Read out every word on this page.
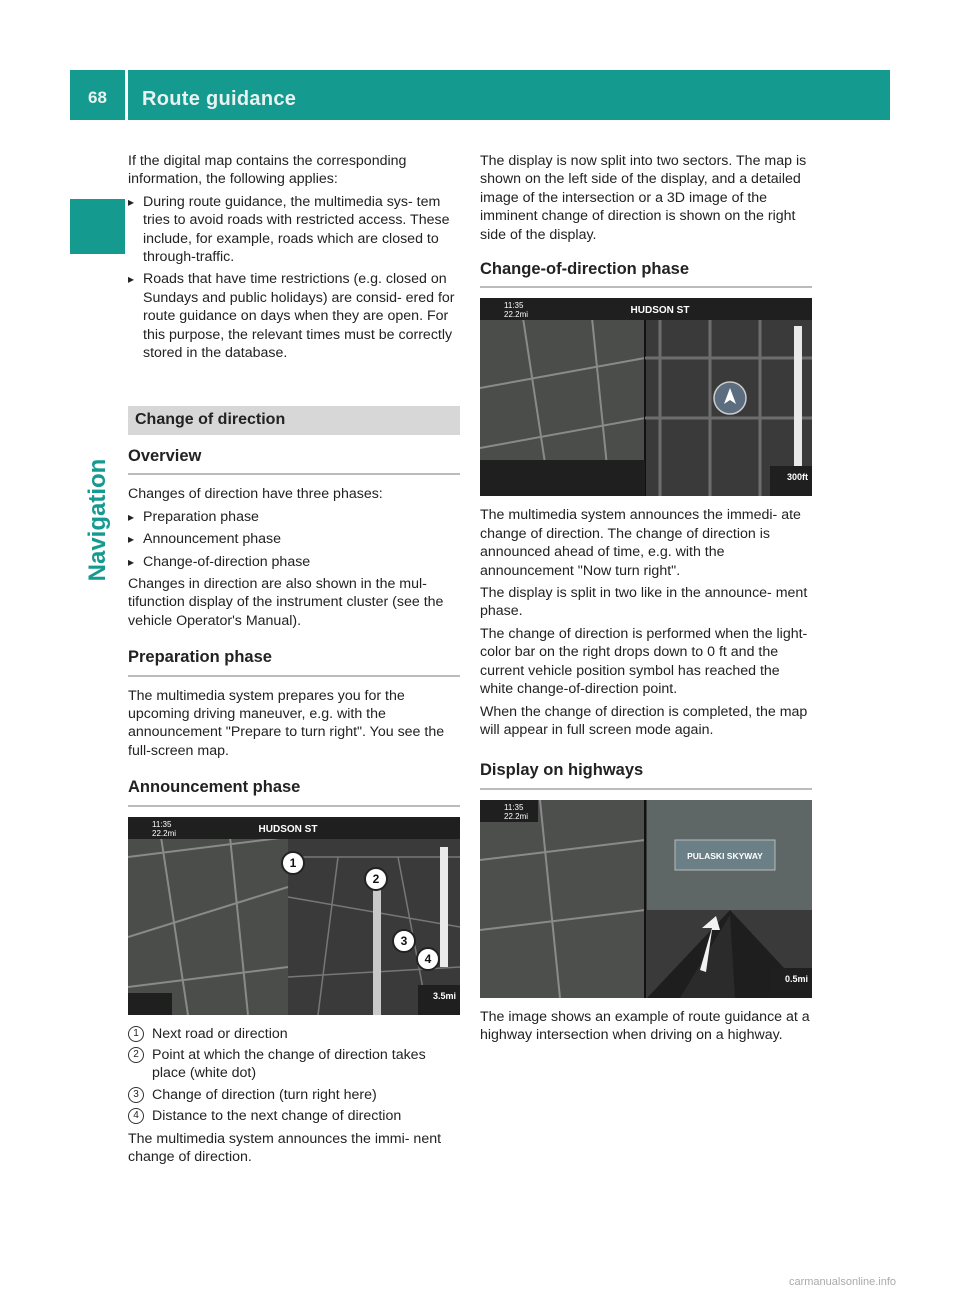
68	Route guidance
Navigation

If the digital map contains the corresponding information, the following applies:

▸ During route guidance, the multimedia sys- tem tries to avoid roads with restricted access. These include, for example, roads which are closed to through-traffic.
▸ Roads that have time restrictions (e.g. closed on Sundays and public holidays) are consid- ered for route guidance on days when they are open. For this purpose, the relevant times must be correctly stored in the database.
Change of direction
Overview

Changes of direction have three phases:

▸ Preparation phase
▸ Announcement phase
▸ Change-of-direction phase

Changes in direction are also shown in the mul- tifunction display of the instrument cluster (see the vehicle Operator's Manual).

Preparation phase

The multimedia system prepares you for the upcoming driving maneuver, e.g. with the announcement "Prepare to turn right". You see the full-screen map.

Announcement phase
11:35
22.2mi	HUDSON ST
1
2
3
4
3.5mi
1 Next road or direction
2 Point at which the change of direction takes place (white dot)
3 Change of direction (turn right here)
4 Distance to the next change of direction

The multimedia system announces the immi- nent change of direction.

The display is now split into two sectors. The map is shown on the left side of the display, and a detailed image of the intersection or a 3D image of the imminent change of direction is shown on the right side of the display.

Change-of-direction phase
11:35
22.2mi	HUDSON ST
300ft

The multimedia system announces the immedi- ate change of direction. The change of direction is announced ahead of time, e.g. with the announcement "Now turn right".

The display is split in two like in the announce- ment phase.

The change of direction is performed when the light-color bar on the right drops down to 0 ft and the current vehicle position symbol has reached the white change-of-direction point.

When the change of direction is completed, the map will appear in full screen mode again.

Display on highways
PULASKI SKYWAY
11:35
22.2mi
0.5mi

The image shows an example of route guidance at a highway intersection when driving on a highway.

carmanualsonline.info
